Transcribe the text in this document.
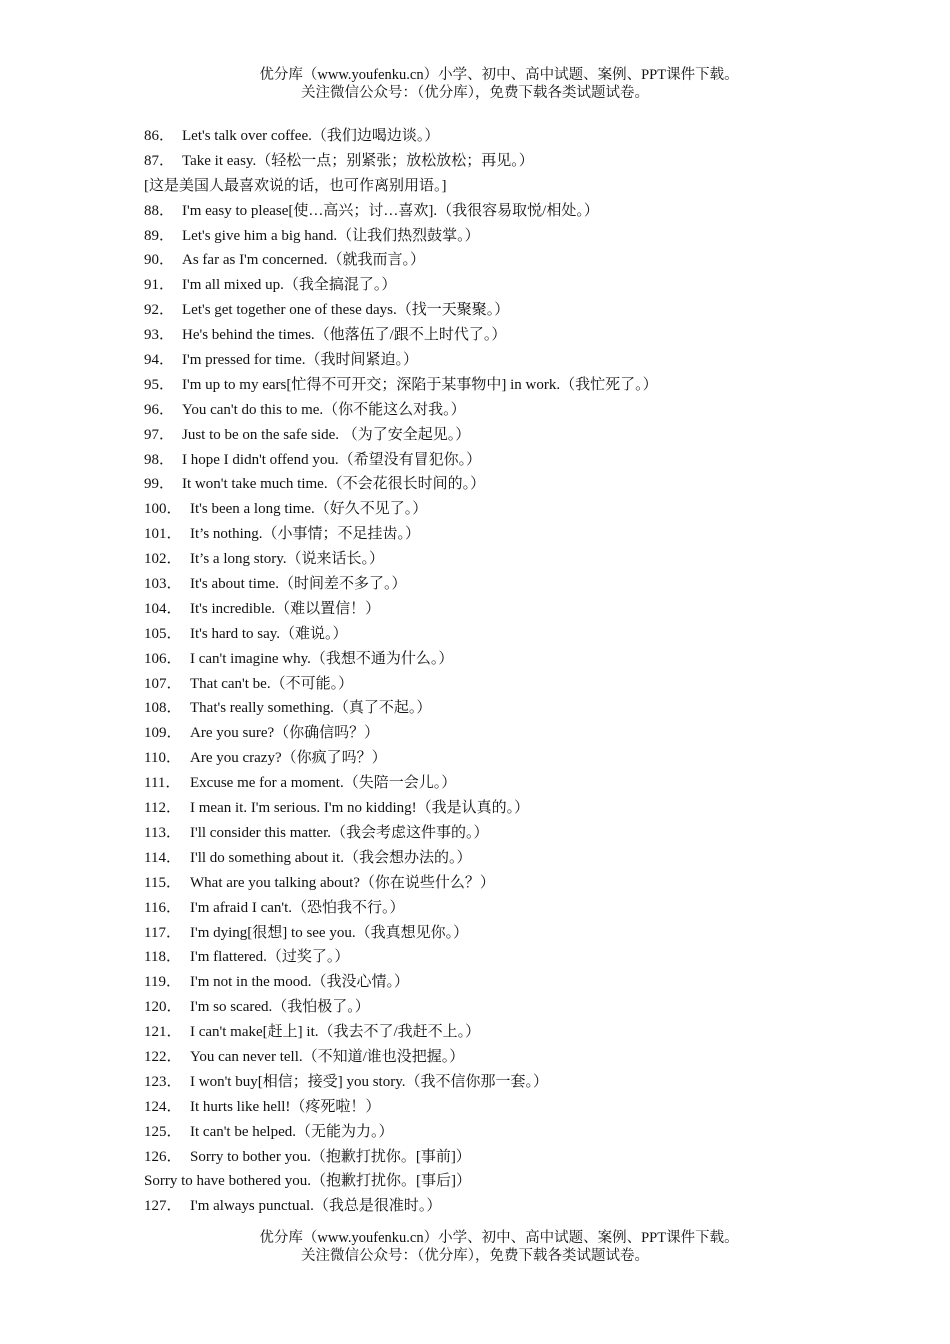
优分库（www.youfenku.cn）小学、初中、高中试题、案例、PPT课件下载。
关注微信公众号：（优分库），免费下载各类试题试卷。
86． Let's talk over coffee.（我们边喝边谈。）
87． Take it easy.（轻松一点；别紧张；放松放松；再见。）
[这是美国人最喜欢说的话，也可作离别用语。]
88． I'm easy to please[使…高兴；讨…喜欢].（我很容易取悦/相处。）
89． Let's give him a big hand.（让我们热烈鼓掌。）
90． As far as I'm concerned.（就我而言。）
91． I'm all mixed up.（我全搞混了。）
92． Let's get together one of these days.（找一天聚聚。）
93． He's behind the times.（他落伍了/跟不上时代了。）
94． I'm pressed for time.（我时间紧迫。）
95． I'm up to my ears[忙得不可开交；深陷于某事物中] in work.（我忙死了。）
96． You can't do this to me.（你不能这么对我。）
97． Just to be on the safe side. （为了安全起见。）
98． I hope I didn't offend you.（希望没有冒犯你。）
99． It won't take much time.（不会花很长时间的。）
100． It's been a long time.（好久不见了。）
101． It’s nothing.（小事情；不足挂齿。）
102． It’s a long story.（说来话长。）
103． It's about time.（时间差不多了。）
104． It's incredible.（难以置信！）
105． It's hard to say.（难说。）
106． I can't imagine why.（我想不通为什么。）
107． That can't be.（不可能。）
108． That's really something.（真了不起。）
109． Are you sure?（你确信吗？）
110． Are you crazy?（你疯了吗？）
111． Excuse me for a moment.（失陪一会儿。）
112． I mean it. I'm serious. I'm no kidding!（我是认真的。）
113． I'll consider this matter.（我会考虑这件事的。）
114． I'll do something about it.（我会想办法的。）
115． What are you talking about?（你在说些什么？）
116． I'm afraid I can't.（恐怕我不行。）
117． I'm dying[很想] to see you.（我真想见你。）
118． I'm flattered.（过奖了。）
119． I'm not in the mood.（我没心情。）
120． I'm so scared.（我怕极了。）
121． I can't make[赶上] it.（我去不了/我赶不上。）
122． You can never tell.（不知道/谁也没把握。）
123． I won't buy[相信；接受] you story.（我不信你那一套。）
124． It hurts like hell!（疼死啦！）
125． It can't be helped.（无能为力。）
126． Sorry to bother you.（抱歉打扰你。[事前]）
Sorry to have bothered you.（抱歉打扰你。[事后]）
127． I'm always punctual.（我总是很准时。）
优分库（www.youfenku.cn）小学、初中、高中试题、案例、PPT课件下载。
关注微信公众号：（优分库），免费下载各类试题试卷。
